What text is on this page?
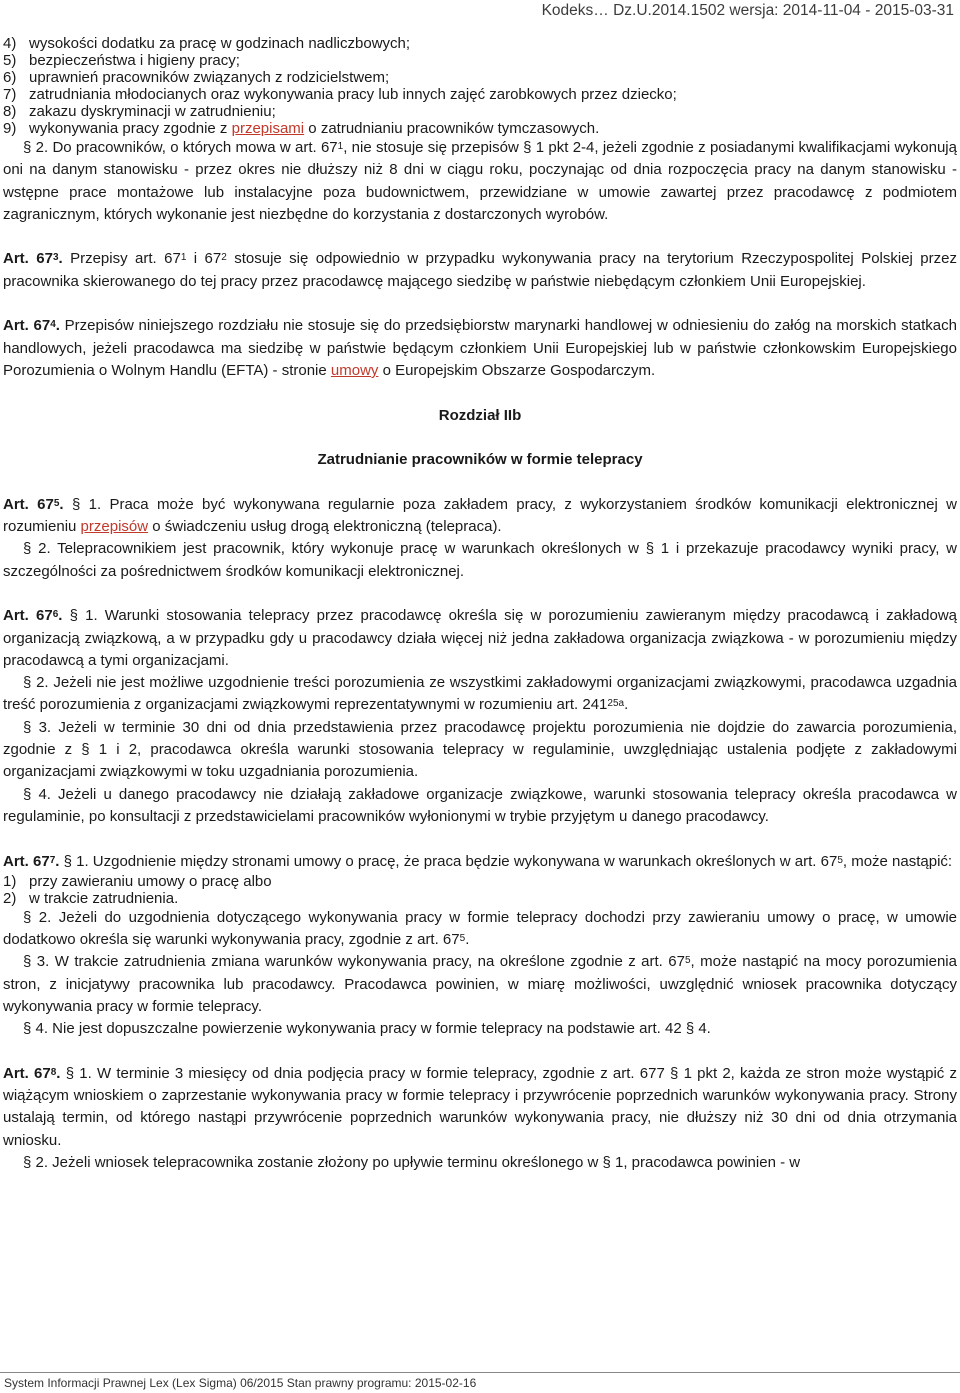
Kodeks… Dz.U.2014.1502 wersja: 2014-11-04 - 2015-03-31
4) wysokości dodatku za pracę w godzinach nadliczbowych;
5) bezpieczeństwa i higieny pracy;
6) uprawnień pracowników związanych z rodzicielstwem;
7) zatrudniania młodocianych oraz wykonywania pracy lub innych zajęć zarobkowych przez dziecko;
8) zakazu dyskryminacji w zatrudnieniu;
9) wykonywania pracy zgodnie z przepisami o zatrudnianiu pracowników tymczasowych.

§ 2. Do pracowników, o których mowa w art. $67^1$, nie stosuje się przepisów § 1 pkt 2-4, jeżeli zgodnie z posiadanymi kwalifikacjami wykonują oni na danym stanowisku - przez okres nie dłuższy niż 8 dni w ciągu roku, poczynając od dnia rozpoczęcia pracy na danym stanowisku - wstępne prace montażowe lub instalacyjne poza budownictwem, przewidziane w umowie zawartej przez pracodawcę z podmiotem zagranicznym, których wykonanie jest niezbędne do korzystania z dostarczonych wyrobów.

Art. $67^3$. Przepisy art. $67^1$ i $67^2$ stosuje się odpowiednio w przypadku wykonywania pracy na terytorium Rzeczypospolitej Polskiej przez pracownika skierowanego do tej pracy przez pracodawcę mającego siedzibę w państwie niebędącym członkiem Unii Europejskiej.

Art. $67^4$. Przepisów niniejszego rozdziału nie stosuje się do przedsiębiorstw marynarki handlowej w odniesieniu do załóg na morskich statkach handlowych, jeżeli pracodawca ma siedzibę w państwie będącym członkiem Unii Europejskiej lub w państwie członkowskim Europejskiego Porozumienia o Wolnym Handlu (EFTA) - stronie umowy o Europejskim Obszarze Gospodarczym.

Rozdział IIb

Zatrudnianie pracowników w formie telepracy

Art. $67^5$. § 1. Praca może być wykonywana regularnie poza zakładem pracy, z wykorzystaniem środków komunikacji elektronicznej w rozumieniu przepisów o świadczeniu usług drogą elektroniczną (telepraca).

§ 2. Telepracownikiem jest pracownik, który wykonuje pracę w warunkach określonych w § 1 i przekazuje pracodawcy wyniki pracy, w szczególności za pośrednictwem środków komunikacji elektronicznej.

Art. $67^6$. § 1. Warunki stosowania telepracy przez pracodawcę określa się w porozumieniu zawieranym między pracodawcą i zakładową organizacją związkową, a w przypadku gdy u pracodawcy działa więcej niż jedna zakładowa organizacja związkowa - w porozumieniu między pracodawcą a tymi organizacjami.

§ 2. Jeżeli nie jest możliwe uzgodnienie treści porozumienia ze wszystkimi zakładowymi organizacjami związkowymi, pracodawca uzgadnia treść porozumienia z organizacjami związkowymi reprezentatywnymi w rozumieniu art. $241^{25a}$.

§ 3. Jeżeli w terminie 30 dni od dnia przedstawienia przez pracodawcę projektu porozumienia nie dojdzie do zawarcia porozumienia, zgodnie z § 1 i 2, pracodawca określa warunki stosowania telepracy w regulaminie, uwzględniając ustalenia podjęte z zakładowymi organizacjami związkowymi w toku uzgadniania porozumienia.

§ 4. Jeżeli u danego pracodawcy nie działają zakładowe organizacje związkowe, warunki stosowania telepracy określa pracodawca w regulaminie, po konsultacji z przedstawicielami pracowników wyłonionymi w trybie przyjętym u danego pracodawcy.

Art. $67^7$. § 1. Uzgodnienie między stronami umowy o pracę, że praca będzie wykonywana w warunkach określonych w art. $67^5$, może nastąpić:

1) przy zawieraniu umowy o pracę albo
2) w trakcie zatrudnienia.

§ 2. Jeżeli do uzgodnienia dotyczącego wykonywania pracy w formie telepracy dochodzi przy zawieraniu umowy o pracę, w umowie dodatkowo określa się warunki wykonywania pracy, zgodnie z art. $67^5$.

§ 3. W trakcie zatrudnienia zmiana warunków wykonywania pracy, na określone zgodnie z art. $67^5$, może nastąpić na mocy porozumienia stron, z inicjatywy pracownika lub pracodawcy. Pracodawca powinien, w miarę możliwości, uwzględnić wniosek pracownika dotyczący wykonywania pracy w formie telepracy.

§ 4. Nie jest dopuszczalne powierzenie wykonywania pracy w formie telepracy na podstawie art. 42 § 4.

Art. $67^8$. § 1. W terminie 3 miesięcy od dnia podjęcia pracy w formie telepracy, zgodnie z art. 677 § 1 pkt 2, każda ze stron może wystąpić z wiążącym wnioskiem o zaprzestanie wykonywania pracy w formie telepracy i przywrócenie poprzednich warunków wykonywania pracy. Strony ustalają termin, od którego nastąpi przywrócenie poprzednich warunków wykonywania pracy, nie dłuższy niż 30 dni od dnia otrzymania wniosku.

§ 2. Jeżeli wniosek telepracownika zostanie złożony po upływie terminu określonego w § 1, pracodawca powinien - w

System Informacji Prawnej Lex (Lex Sigma) 06/2015 Stan prawny programu: 2015-02-16
